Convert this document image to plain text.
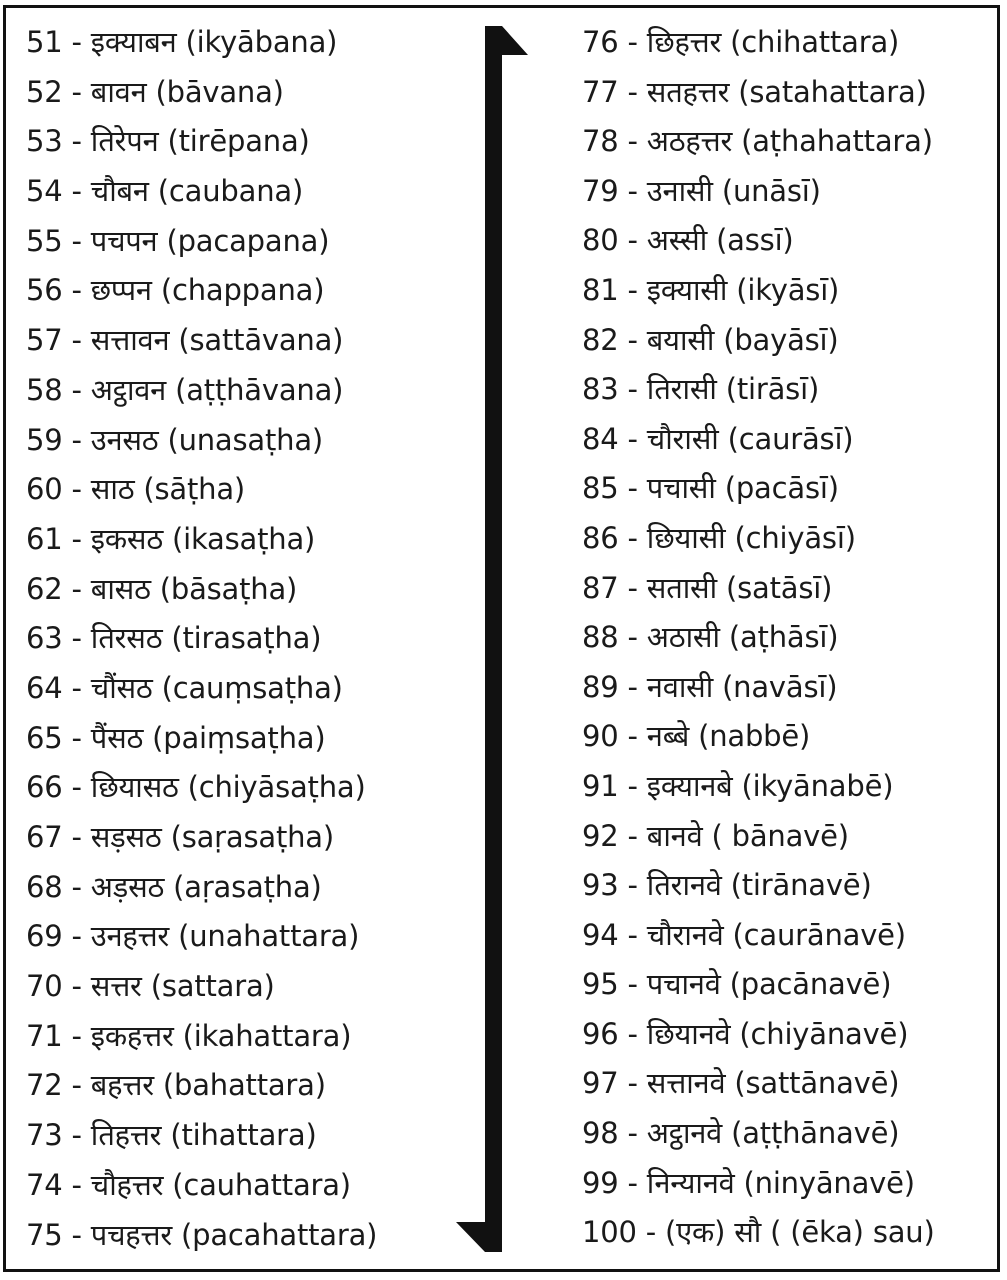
51 - इक्याबन (ikyābana)
52 - बावन (bāvana)
53 - तिरेपन (tirēpana)
54 - चौबन (caubana)
55 - पचपन (pacapana)
56 - छप्पन (chappana)
57 - सत्तावन (sattāvana)
58 - अट्ठावन (aṭṭhāvana)
59 - उनसठ (unasaṭha)
60 - साठ (sāṭha)
61 - इकसठ (ikasaṭha)
62 - बासठ (bāsaṭha)
63 - तिरसठ (tirasaṭha)
64 - चौंसठ (cauṃsaṭha)
65 - पैंसठ (paiṃsaṭha)
66 - छियासठ (chiyāsaṭha)
67 - सड़सठ (saṛasaṭha)
68 - अड़सठ (aṛasaṭha)
69 - उनहत्तर (unahattara)
70 - सत्तर (sattara)
71 - इकहत्तर (ikahattara)
72 - बहत्तर (bahattara)
73 - तिहत्तर (tihattara)
74 - चौहत्तर (cauhattara)
75 - पचहत्तर (pacahattara)
76 - छिहत्तर (chihattara)
77 - सतहत्तर (satahattara)
78 - अठहत्तर (aṭhahattara)
79 - उनासी (unāsī)
80 - अस्सी (assī)
81 - इक्यासी (ikyāsī)
82 - बयासी (bayāsī)
83 - तिरासी (tirāsī)
84 - चौरासी (caurāsī)
85 - पचासी (pacāsī)
86 - छियासी (chiyāsī)
87 - सतासी (satāsī)
88 - अठासी (aṭhāsī)
89 - नवासी (navāsī)
90 - नब्बे (nabbē)
91 - इक्यानबे (ikyānabē)
92 - बानवे ( bānavē)
93 - तिरानवे (tirānavē)
94 - चौरानवे (caurānavē)
95 - पचानवे (pacānavē)
96 - छियानवे (chiyānavē)
97 - सत्तानवे (sattānavē)
98 - अट्ठानवे (aṭṭhānavē)
99 - निन्यानवे (ninyānavē)
100 - (एक) सौ ( (ēka) sau)
